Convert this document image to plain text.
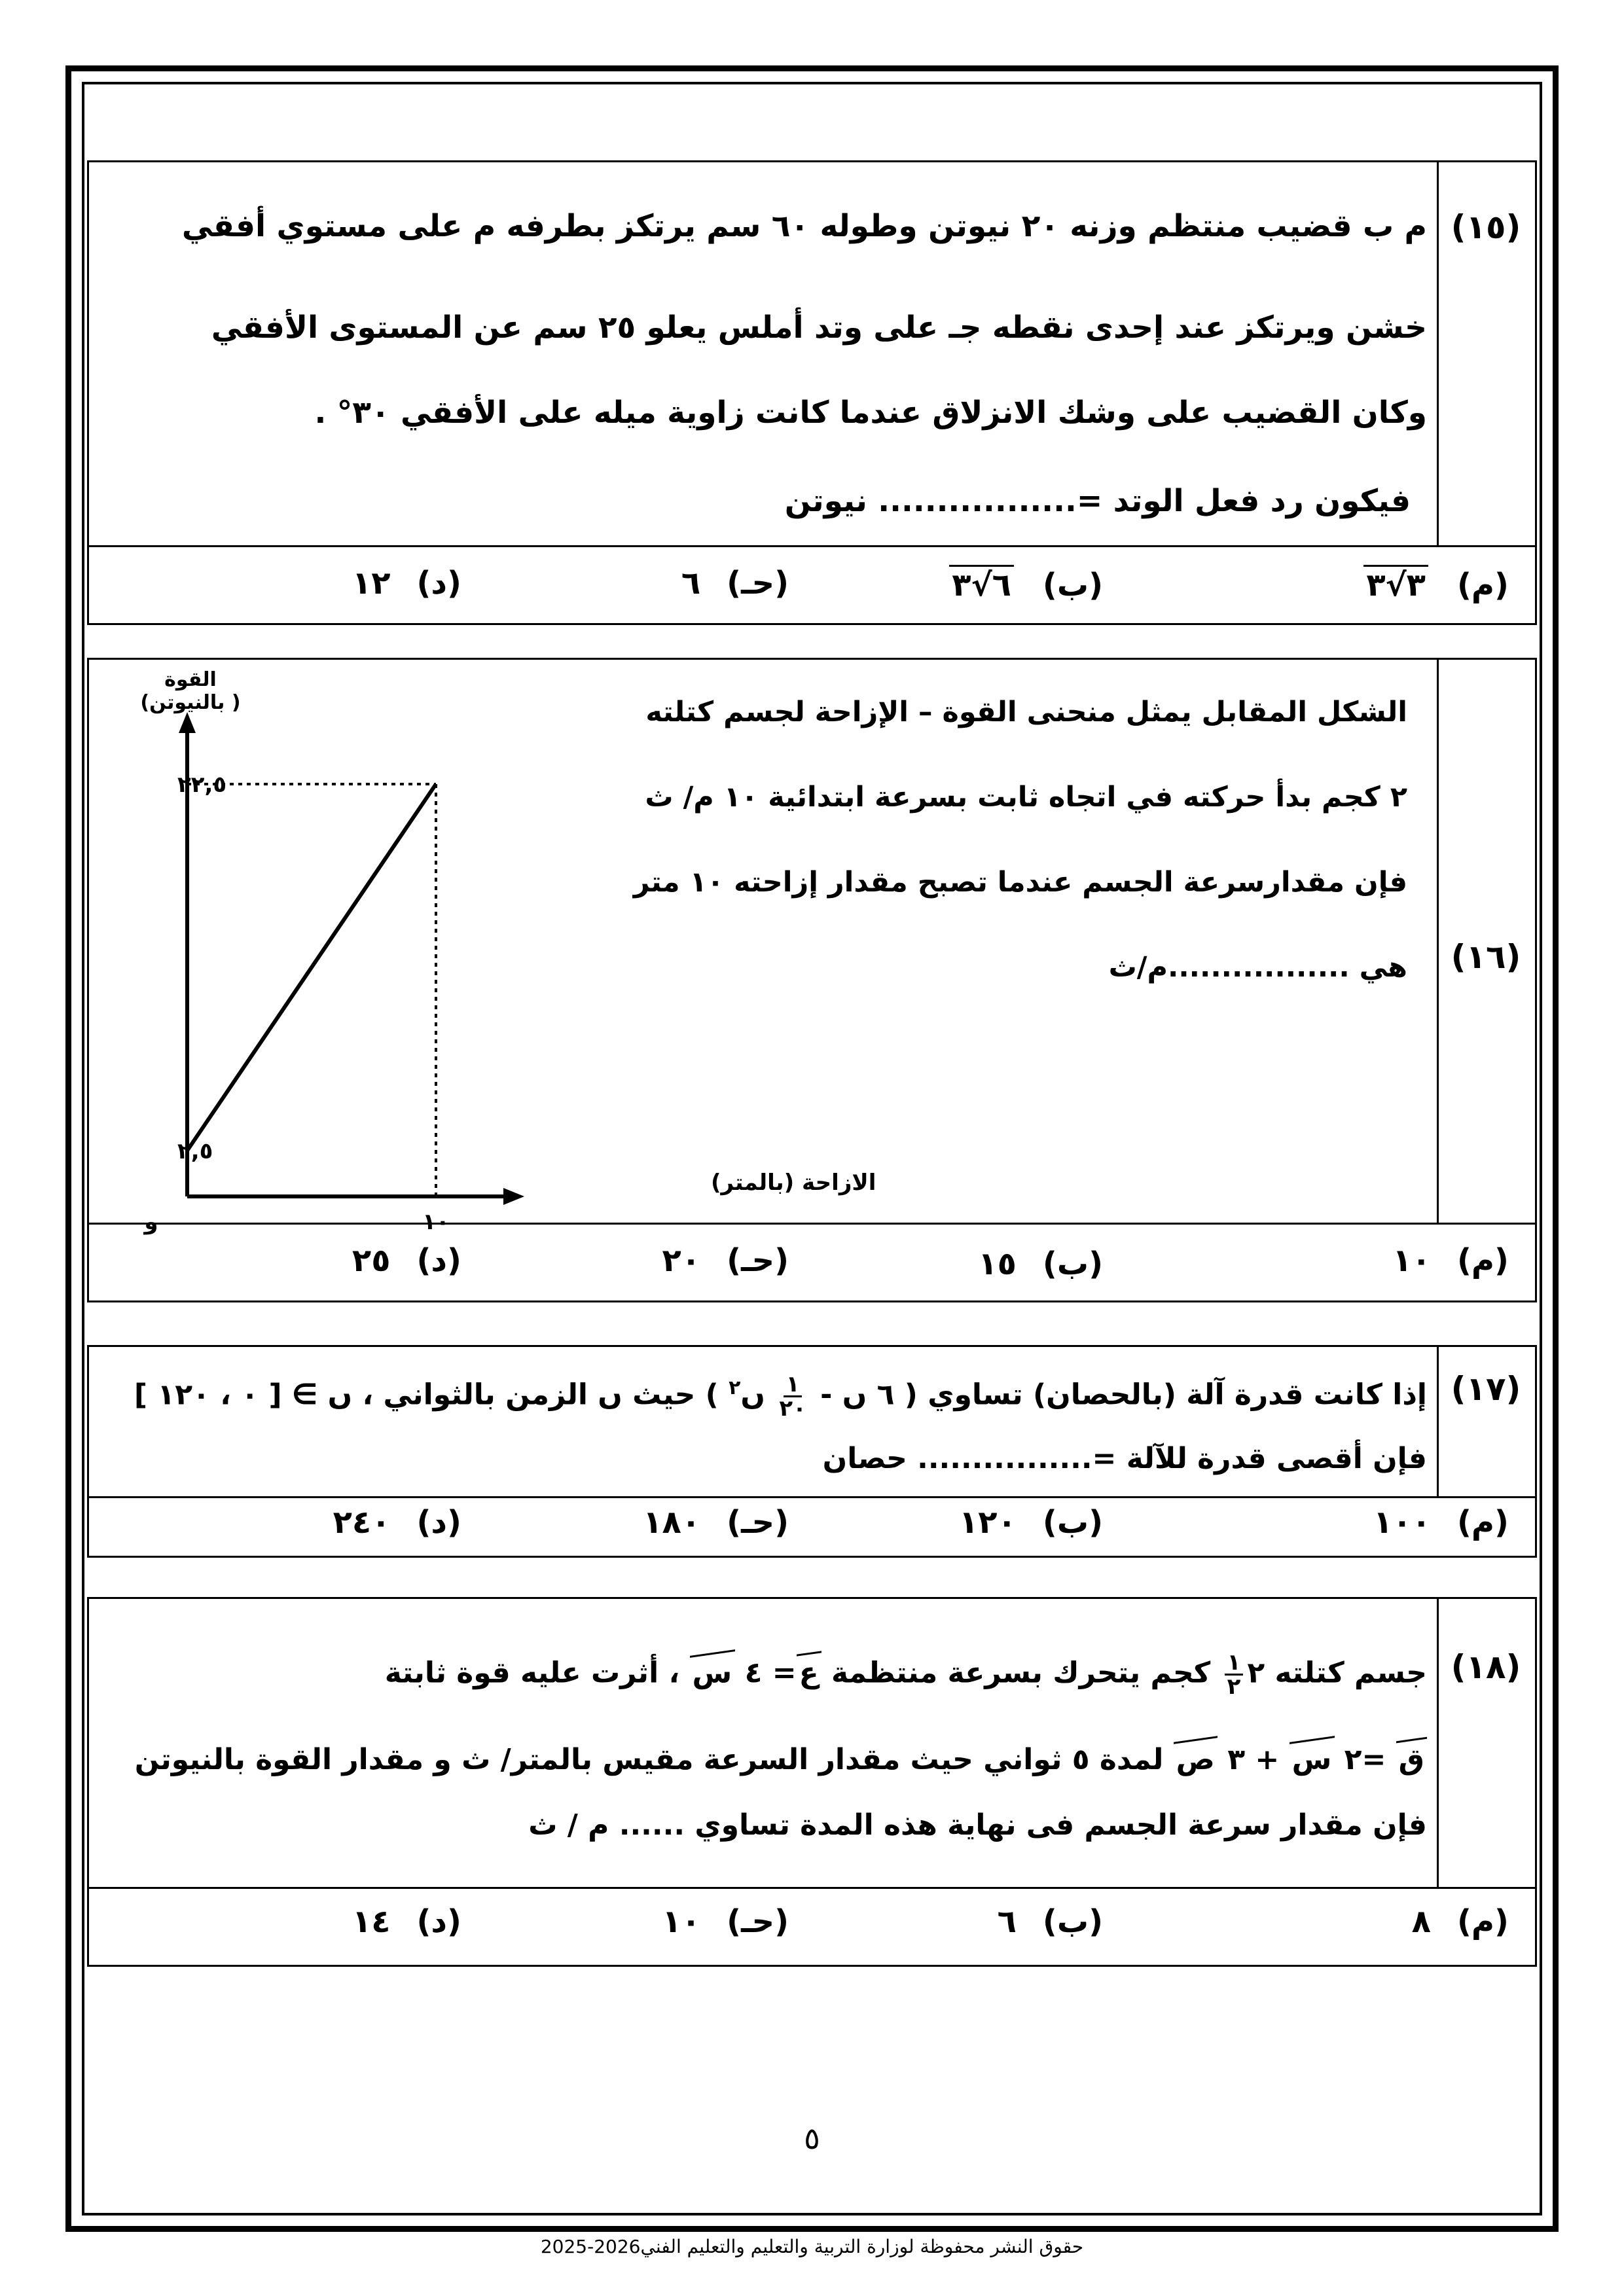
(١٥)
م ب قضيب منتظم وزنه ٢٠ نيوتن وطوله ٦٠ سم يرتكز بطرفه م على مستوي أفقي
خشن ويرتكز عند إحدى نقطه جـ على وتد أملس يعلو ٢٥ سم عن المستوى الأفقي
وكان القضيب على وشك الانزلاق عندما كانت زاوية ميله على الأفقي ٣٠° .
فيكون رد فعل الوتد =................. نيوتن
(م)٣√٣
(ب)٦√٣
(حـ)٦
(د)١٢
(١٦)
الشكل المقابل يمثل منحنى القوة – الإزاحة لجسم كتلته
٢ كجم بدأ حركته في اتجاه ثابت بسرعة ابتدائية ١٠ م/ ث
فإن مقدارسرعة الجسم عندما تصبح مقدار إزاحته ١٠ متر
هي .................م/ث
٢٢,٥
٢,٥
١٠
و
القوة
( بالنيوتن)
الازاحة (بالمتر)
(م)١٠
(ب)١٥
(حـ)٢٠
(د)٢٥
(١٧)
إذا كانت قدرة آلة (بالحصان) تساوي ( ٦ ں -
$\frac{١}{٢٠}$
ں$^٢$ ) حيث ں الزمن بالثواني ، ں ∋ [ ٠ ، ١٢٠ ]
فإن أقصى قدرة للآلة =................ حصان
(م)١٠٠
(ب)١٢٠
(حـ)١٨٠
(د)٢٤٠
(١٨)
جسم كتلته ٢
$\frac{١}{٢}$
كجم يتحرك بسرعة منتظمة ع= ٤ س ، أثرت عليه قوة ثابتة
ق =٢ س + ٣ ص لمدة ٥ ثواني حيث مقدار السرعة مقيس بالمتر/ ث و مقدار القوة بالنيوتن
فإن مقدار سرعة الجسم فى نهاية هذه المدة تساوي ...... م / ث
(م)٨
(ب)٦
(حـ)١٠
(د)١٤
٥
حقوق النشر محفوظة لوزارة التربية والتعليم والتعليم الفني2026-2025
